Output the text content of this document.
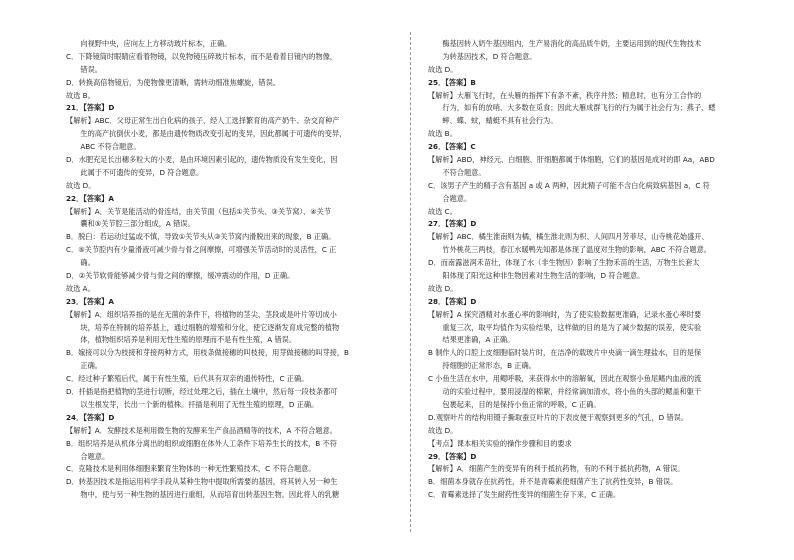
　　向视野中央，应向左上方移动玻片标本，正确。
C．下降镜筒时眼睛应看着物镜，以免物镜压碎玻片标本，而不是看着目镜内的物像，
　　错误。
D．转换高倍物镜后，为使物像更清晰，需转动细准焦螺旋，错误。
故选 B。
21．【答案】D
【解析】ABC．父母正常生出白化病的孩子、经人工选择繁育的高产奶牛、杂交育种产
　　生的高产抗倒伏小麦，都是由遗传物质改变引起的变异，因此都属于可遗传的变异，
　　ABC 不符合题意。
D．水肥充足长出穗多粒大的小麦，是由环境因素引起的，遗传物质没有发生变化，因
　　此属于不可遗传的变异，D 符合题意。
故选 D。
22．【答案】A
【解析】A．关节是能活动的骨连结，由关节面（包括①关节头、③关节窝）、④关节
　　囊和⑤关节腔三部分组成，A 错误。
B．脱臼：若运动过猛或不慎，导致①关节头从③关节窝内滑脱出来的现象，B 正确。
C．⑤关节腔内有少量滑液可减少骨与骨之间摩擦，可增强关节活动时的灵活性，C 正
　　确。
D．②关节软骨能够减少骨与骨之间的摩擦，缓冲震动的作用，D 正确。
故选 A。
23．【答案】A
【解析】A．组织培养指的是在无菌的条件下，将植物的茎尖、茎段或是叶片等切成小
　　块，培养在特制的培养基上，通过细胞的增殖和分化，使它逐渐发育成完整的植物
　　体，植物组织培养是利用无性生殖的原理而不是有性生殖，A 错误。
B．嫁接可以分为枝接和芽接两种方式，用枝条做接穗的叫枝接，用芽做接穗的叫芽接，B
　　正确。
C．经过种子繁殖后代，属于有性生殖，后代具有双亲的遗传特性，C 正确。
D．扦插是指把植物的茎进行切断，经过处理之后，插在土壤中，然后每一段枝条都可
　　以生根发芽，长出一个新的植株。扦插是利用了无性生殖的原理，D 正确。
24．【答案】D
【解析】A．发酵技术是利用微生物的发酵来生产食品酒精等的技术，A 不符合题意。
B．组织培养是从机体分离出的组织或细胞在体外人工条件下培养生长的技术，B 不符
　　合题意。
C．克隆技术是利用体细胞来繁育生物体的一种无性繁殖技术，C 不符合题意。
D．转基因技术是指运用科学手段从某种生物中提取所需要的基因，将其转入另一种生
　　物中，使与另一种生物的基因进行重组，从而培育出转基因生物。因此将人的乳糖
　　酶基因转入奶牛基因组内，生产易消化的高品质牛奶，主要运用到的现代生物技术
　　为转基因技术，D 符合题意。
故选 D。
25．【答案】B
【解析】大雁飞行时，在头雁的指挥下有条不紊，秩序井然；精息时，也有分工合作的
　　行为，如有的放哨、大多数在觅食；因此大雁成群飞行的行为属于社会行为；燕子、蟋
　　蟀、蝶、蚊，蜻蜓不具有社会行为。
故选 B。
26．【答案】C
【解析】ABD，神经元、白细胞、肝细胞都属于体细胞，它们的基因是成对的即 Aa，ABD
　　不符合题意。
C．该男子产生的精子含有基因 a 或 A 两种，因此精子可能不含白化病致病基因 a，C 符
　　合题意。
故选 C。
27．【答案】D
【解析】ABC．橘生淮南则为橘，橘生淮北则为枳、人间四月芳菲尽，山寺桃花始盛开、
　　竹外桃花三两枝，春江水暖鸭先知都是体现了温度对生物的影响，ABC 不符合题意。
D．而南露滋润禾苗壮，体现了水（非生物因）影响了生物禾苗的生活，万物生长套太
　　阳体现了阳光这种非生物因素对生物生活的影响，D 符合题意。
故选 D。
28．【答案】D
【解析】A 探究酒精对水蚤心率的影响时，为了使实验数据更准确，记录水蚤心率时要
　　重复三次，取平均值作为实验结果，这样做的目的是为了减少数据的误差，使实验
　　结果更准确，A 正确。
B 制作人的口腔上皮细胞临时装片时，在洁净的载玻片中央滴一滴生理盐水，目的是保
　　持细胞的正常形态，B 正确。
C 小鱼生活在水中，用鳃呼吸，来获得水中的溶解氧，因此在观察小鱼尾鳍内血液的流
　　动的实验过程中，要用浸湿的棉絮，并经常滴加清水，将小鱼的头部的鳃盖和躯干
　　包裹起来，目的是保持小鱼正常的呼吸，C 正确。
D.观察叶片的结构用镊子撕取蚕豆叶片的下表皮便于观察到更多的气孔，D 错误。
故选 D。
【考点】课本相关实验的操作步骤和目的要求
29．【答案】D
【解析】A．细菌产生的变异有的利于抵抗药物，有的不利于抵抗药物，A 错误。
B．细菌本身就存在抗药性，并不是青霉素使细菌产生了抗药性变异，B 错误。
C．青霉素选择了发生耐药性变异的细菌生存下来，C 正确。
